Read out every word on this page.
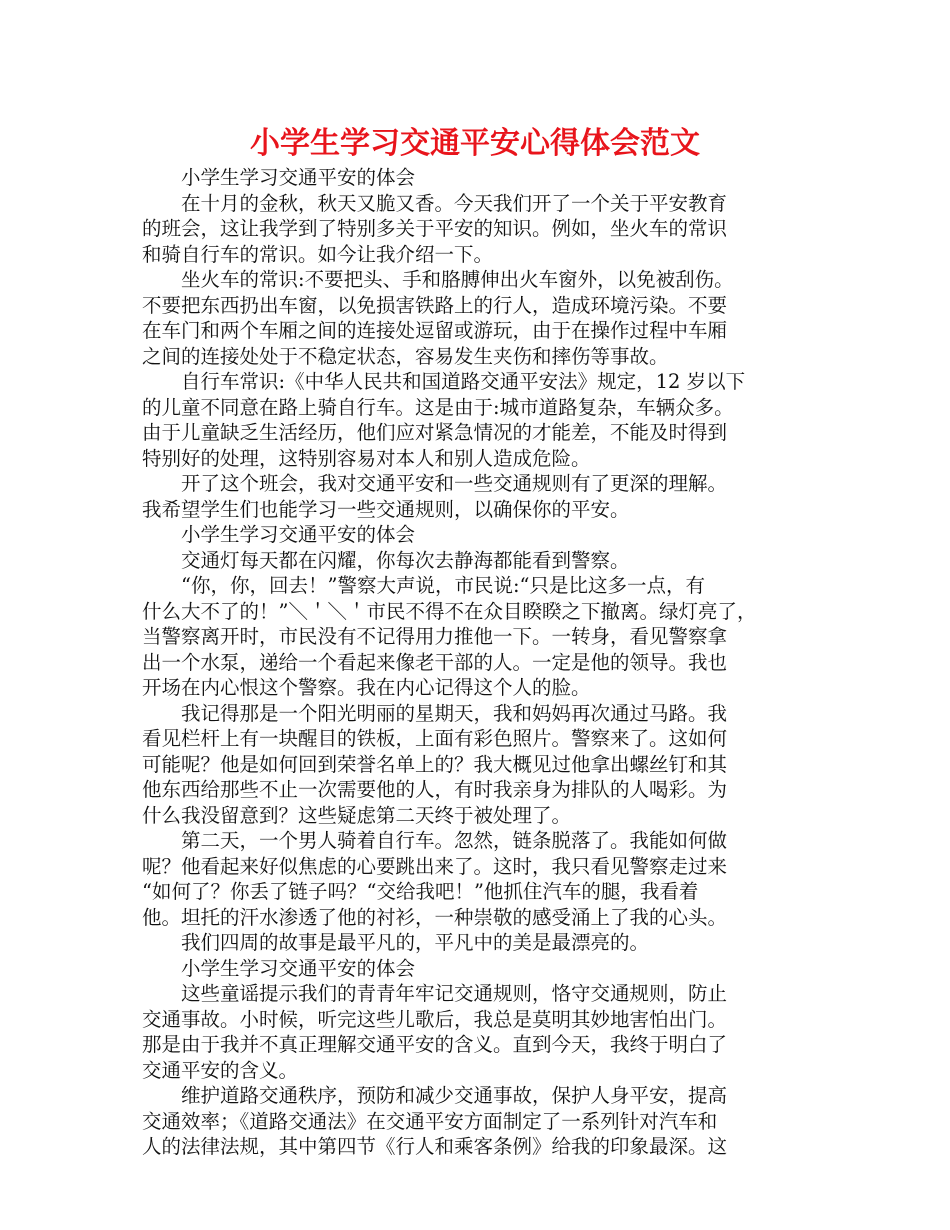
小学生学习交通平安心得体会范文
　　小学生学习交通平安的体会
　　在十月的金秋，秋天又脆又香。今天我们开了一个关于平安教育
的班会，这让我学到了特别多关于平安的知识。例如，坐火车的常识
和骑自行车的常识。如今让我介绍一下。
　　坐火车的常识:不要把头、手和胳膊伸出火车窗外，以免被刮伤。
不要把东西扔出车窗，以免损害铁路上的行人，造成环境污染。不要
在车门和两个车厢之间的连接处逗留或游玩，由于在操作过程中车厢
之间的连接处处于不稳定状态，容易发生夹伤和摔伤等事故。
　　自行车常识:《中华人民共和国道路交通平安法》规定，12 岁以下
的儿童不同意在路上骑自行车。这是由于:城市道路复杂，车辆众多。
由于儿童缺乏生活经历，他们应对紧急情况的才能差，不能及时得到
特别好的处理，这特别容易对本人和别人造成危险。
　　开了这个班会，我对交通平安和一些交通规则有了更深的理解。
我希望学生们也能学习一些交通规则，以确保你的平安。
　　小学生学习交通平安的体会
　　交通灯每天都在闪耀，你每次去静海都能看到警察。
　　“你，你，回去！”警察大声说，市民说:“只是比这多一点，有
什么大不了的！”＼＇＼＇市民不得不在众目睽睽之下撤离。绿灯亮了，
当警察离开时，市民没有不记得用力推他一下。一转身，看见警察拿
出一个水泵，递给一个看起来像老干部的人。一定是他的领导。我也
开场在内心恨这个警察。我在内心记得这个人的脸。
　　我记得那是一个阳光明丽的星期天，我和妈妈再次通过马路。我
看见栏杆上有一块醒目的铁板，上面有彩色照片。警察来了。这如何
可能呢？他是如何回到荣誉名单上的？我大概见过他拿出螺丝钉和其
他东西给那些不止一次需要他的人，有时我亲身为排队的人喝彩。为
什么我没留意到？这些疑虑第二天终于被处理了。
　　第二天，一个男人骑着自行车。忽然，链条脱落了。我能如何做
呢？他看起来好似焦虑的心要跳出来了。这时，我只看见警察走过来
“如何了？你丢了链子吗？“交给我吧！”他抓住汽车的腿，我看着
他。坦托的汗水渗透了他的衬衫，一种崇敬的感受涌上了我的心头。
　　我们四周的故事是最平凡的，平凡中的美是最漂亮的。
　　小学生学习交通平安的体会
　　这些童谣提示我们的青青年牢记交通规则，恪守交通规则，防止
交通事故。小时候，听完这些儿歌后，我总是莫明其妙地害怕出门。
那是由于我并不真正理解交通平安的含义。直到今天，我终于明白了
交通平安的含义。
　　维护道路交通秩序，预防和减少交通事故，保护人身平安，提高
交通效率；《道路交通法》在交通平安方面制定了一系列针对汽车和
人的法律法规，其中第四节《行人和乘客条例》给我的印象最深。这
